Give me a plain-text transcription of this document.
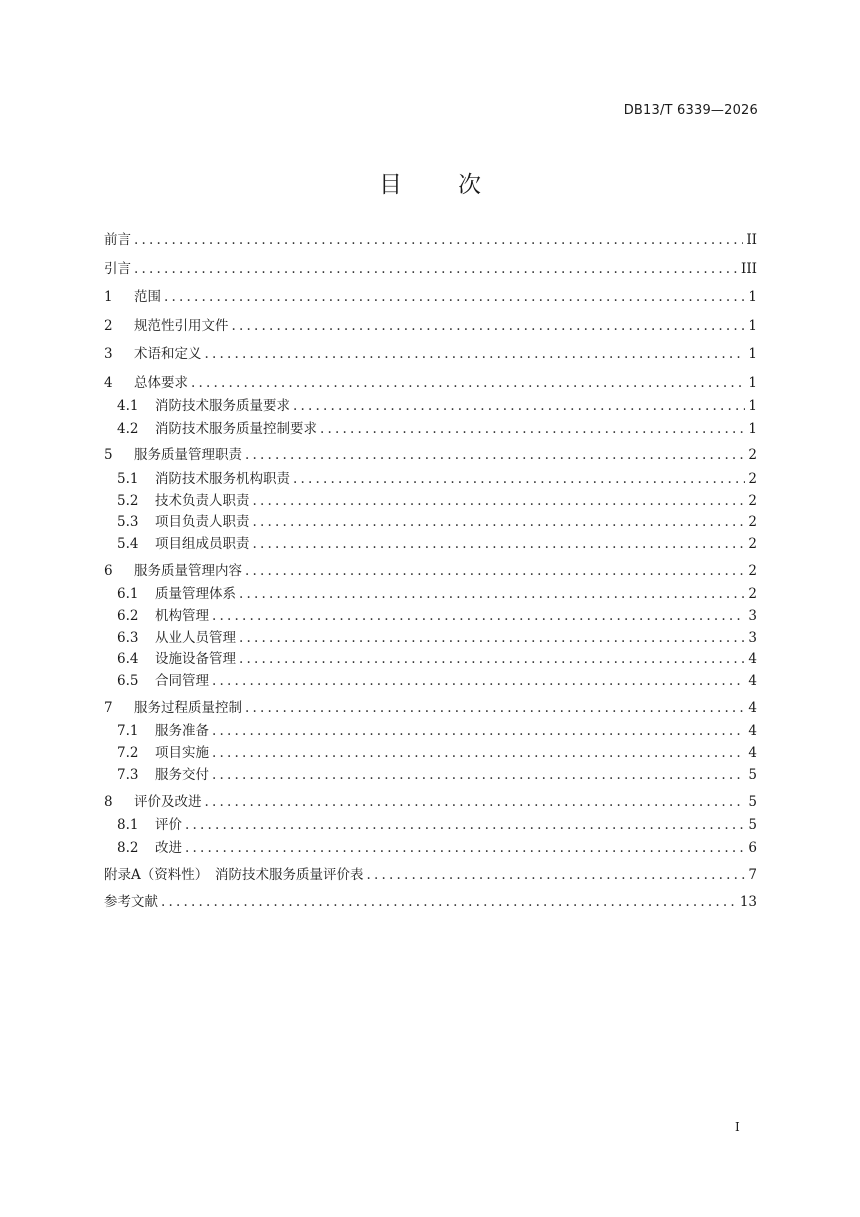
DB13/T 6339—2026
目 次
前言 .....	II
引言 .....	III
1	范围 .....	1
2	规范性引用文件 .....	1
3	术语和定义 .....	1
4	总体要求 .....	1
4.1	消防技术服务质量要求 .....	1
4.2	消防技术服务质量控制要求 .....	1
5	服务质量管理职责 .....	2
5.1	消防技术服务机构职责 .....	2
5.2	技术负责人职责 .....	2
5.3	项目负责人职责 .....	2
5.4	项目组成员职责 .....	2
6	服务质量管理内容 .....	2
6.1	质量管理体系 .....	2
6.2	机构管理 .....	3
6.3	从业人员管理 .....	3
6.4	设施设备管理 .....	4
6.5	合同管理 .....	4
7	服务过程质量控制 .....	4
7.1	服务准备 .....	4
7.2	项目实施 .....	4
7.3	服务交付 .....	5
8	评价及改进 .....	5
8.1	评价 .....	5
8.2	改进 .....	6
附录A（资料性）　消防技术服务质量评价表 .....	7
参考文献 .....	13
I
